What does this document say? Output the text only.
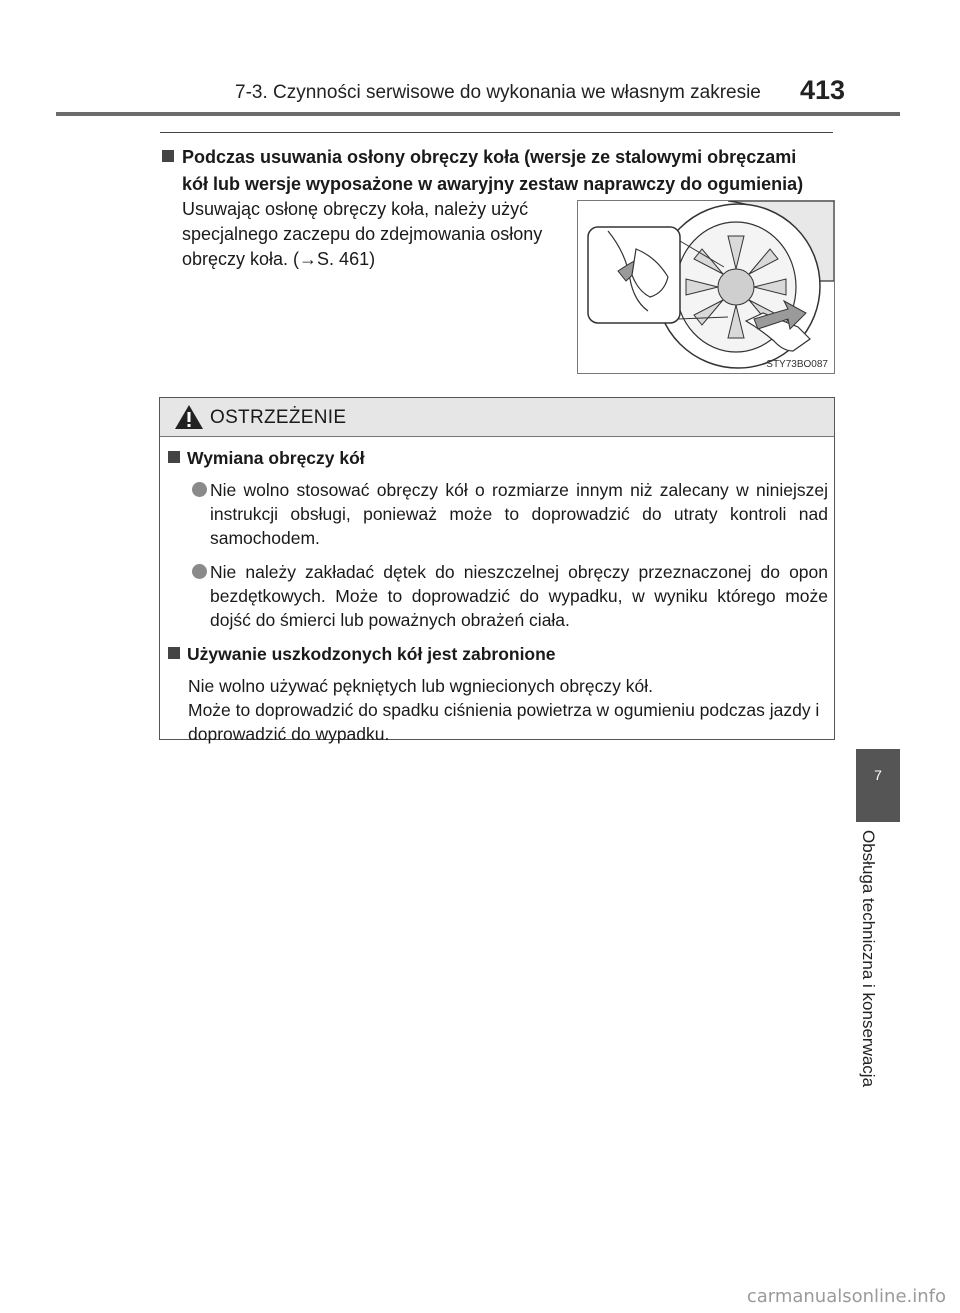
7-3. Czynności serwisowe do wykonania we własnym zakresie 413
Podczas usuwania osłony obręczy koła (wersje ze stalowymi obręczami
kół lub wersje wyposażone w awaryjny zestaw naprawczy do ogumienia)
Usuwając osłonę obręczy koła, należy użyć specjalnego zaczepu do zdejmowania osłony obręczy koła. (→S. 461)
STY73BO087
OSTRZEŻENIE
Wymiana obręczy kół
Nie wolno stosować obręczy kół o rozmiarze innym niż zalecany w niniejszej instrukcji obsługi, ponieważ może to doprowadzić do utraty kontroli nad samochodem.
Nie należy zakładać dętek do nieszczelnej obręczy przeznaczonej do opon bezdętkowych. Może to doprowadzić do wypadku, w wyniku którego może dojść do śmierci lub poważnych obrażeń ciała.
Używanie uszkodzonych kół jest zabronione
Nie wolno używać pękniętych lub wgniecionych obręczy kół.
Może to doprowadzić do spadku ciśnienia powietrza w ogumieniu podczas jazdy i doprowadzić do wypadku.
7
Obsługa techniczna i konserwacja
carmanualsonline.info
